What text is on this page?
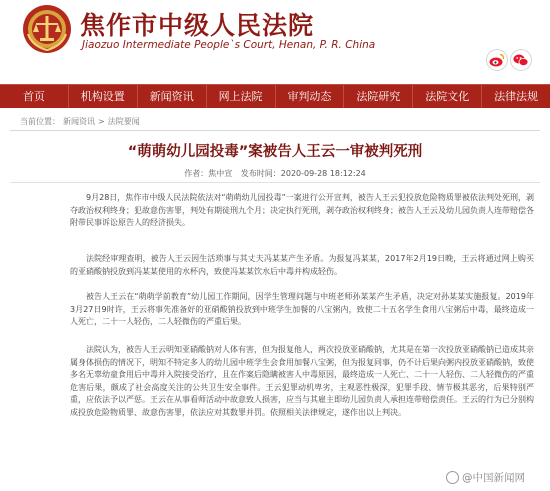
焦作市中级人民法院
Jiaozuo Intermediate People`s Court, Henan, P. R. China
首页	机构设置	新闻资讯	网上法院	审判动态	法院研究	法院文化	法律法规
当前位置： 新闻资讯 > 法院要闻
“萌萌幼儿园投毒”案被告人王云一审被判死刑
作者：焦中宣 发布时间：2020-09-28 18:12:24

9月28日，焦作市中级人民法院依法对“萌萌幼儿园投毒”一案进行公开宣判，被告人王云犯投放危险物质罪被依法判处死刑，剥夺政治权利终身；犯故意伤害罪，判处有期徒刑九个月；决定执行死刑，剥夺政治权利终身；被告人王云及幼儿园负责人连带赔偿各附带民事诉讼原告人的经济损失。

法院经审理查明，被告人王云因生活琐事与其丈夫冯某某产生矛盾。为报复冯某某，2017年2月19日晚，王云将通过网上购买的亚硝酸钠投放到冯某某使用的水杯内，致使冯某某饮水后中毒并构成轻伤。

被告人王云在“萌萌学前教育”幼儿园工作期间，因学生管理问题与中班老师孙某某产生矛盾，决定对孙某某实施报复。2019年3月27日9时许，王云将事先准备好的亚硝酸钠投放到中班学生加餐的八宝粥内，致使二十五名学生食用八宝粥后中毒，最终造成一人死亡，二十一人轻伤，二人轻微伤的严重后果。

法院认为，被告人王云明知亚硝酸钠对人体有害，但为报复他人，两次投放亚硝酸钠，尤其是在第一次投放亚硝酸钠已造成其亲属身体损伤的情况下，明知不特定多人的幼儿园中班学生会食用加餐八宝粥，但为报复同事，仍不计后果向粥内投放亚硝酸钠，致使多名无辜幼童食用后中毒并入院接受治疗，且在作案后隐瞒被害人中毒原因，最终造成一人死亡、二十一人轻伤、二人轻微伤的严重危害后果，颇成了社会高度关注的公共卫生安全事件。王云犯罪动机卑劣，主观恶性极深，犯罪手段、情节极其恶劣，后果特别严重，应依法予以严惩。王云在从事看师活动中故意致人损害，应当与其雇主即幼儿园负责人承担连带赔偿责任。王云的行为已分别构成投放危险物质罪、故意伤害罪，依法应对其数罪并罚。依照相关法律规定，遂作出以上判决。

@中国新闻网
